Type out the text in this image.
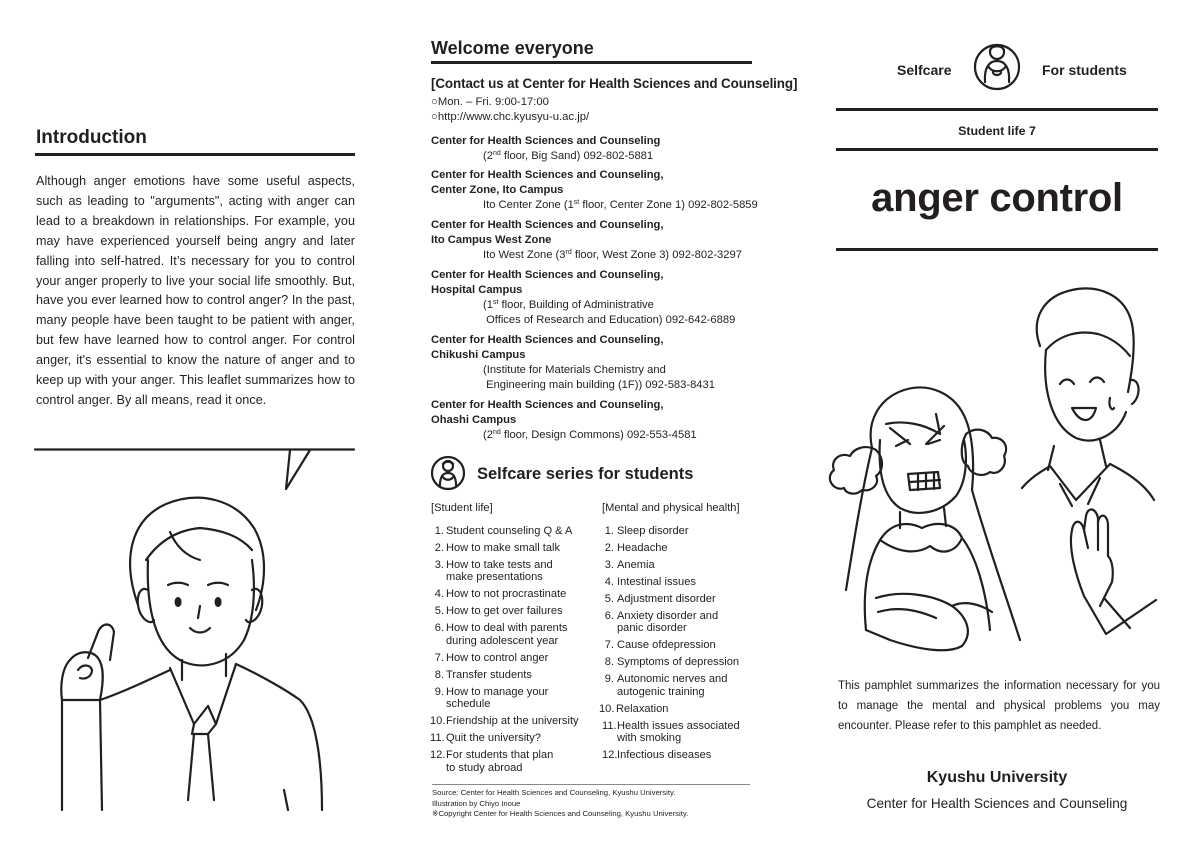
Introduction
Although anger emotions have some useful aspects, such as leading to "arguments", acting with anger can lead to a breakdown in relationships. For example, you may have experienced yourself being angry and later falling into self-hatred. It’s necessary for you to control your anger properly to live your social life smoothly. But, have you ever learned how to control anger? In the past, many people have been taught to be patient with anger, but few have learned how to control anger. For control anger, it's essential to know the nature of anger and to keep up with your anger. This leaflet summarizes how to control anger. By all means, read it once.
Welcome everyone
[Contact us at Center for Health Sciences and Counseling]
○Mon. – Fri. 9:00-17:00
○http://www.chc.kyusyu-u.ac.jp/
Center for Health Sciences and Counseling
(2nd floor, Big Sand) 092-802-5881
Center for Health Sciences and Counseling,
Center Zone, Ito Campus
Ito Center Zone (1st floor, Center Zone 1) 092-802-5859
Center for Health Sciences and Counseling,
Ito Campus West Zone
Ito West Zone (3rd floor, West Zone 3) 092-802-3297
Center for Health Sciences and Counseling,
Hospital Campus
(1st floor, Building of Administrative
Offices of Research and Education) 092-642-6889
Center for Health Sciences and Counseling,
Chikushi Campus
(Institute for Materials Chemistry and
Engineering main building (1F)) 092-583-8431
Center for Health Sciences and Counseling,
Ohashi Campus
(2nd floor, Design Commons) 092-553-4581
Selfcare series for students
[Student life]	[Mental and physical health]
1. Student counseling Q & A
2. How to make small talk
3. How to take tests and
make presentations
4. How to not procrastinate
5. How to get over failures
6. How to deal with parents
during adolescent year
7. How to control anger
8. Transfer students
9. How to manage your
schedule
10. Friendship at the university
11. Quit the university?
12. For students that plan
to study abroad
1. Sleep disorder
2. Headache
3. Anemia
4. Intestinal issues
5. Adjustment disorder
6. Anxiety disorder and
panic disorder
7. Cause ofdepression
8. Symptoms of depression
9. Autonomic nerves and
autogenic training
10. Relaxation
11. Health issues associated
with smoking
12. Infectious diseases
Source: Center for Health Sciences and Counseling, Kyushu University.
Illustration by Chiyo Inoue
※Copyright Center for Health Sciences and Counseling, Kyushu University.
Selfcare	For students
Student life 7
anger control
This pamphlet summarizes the information necessary for you to manage the mental and physical problems you may encounter. Please refer to this pamphlet as needed.
Kyushu University
Center for Health Sciences and Counseling
